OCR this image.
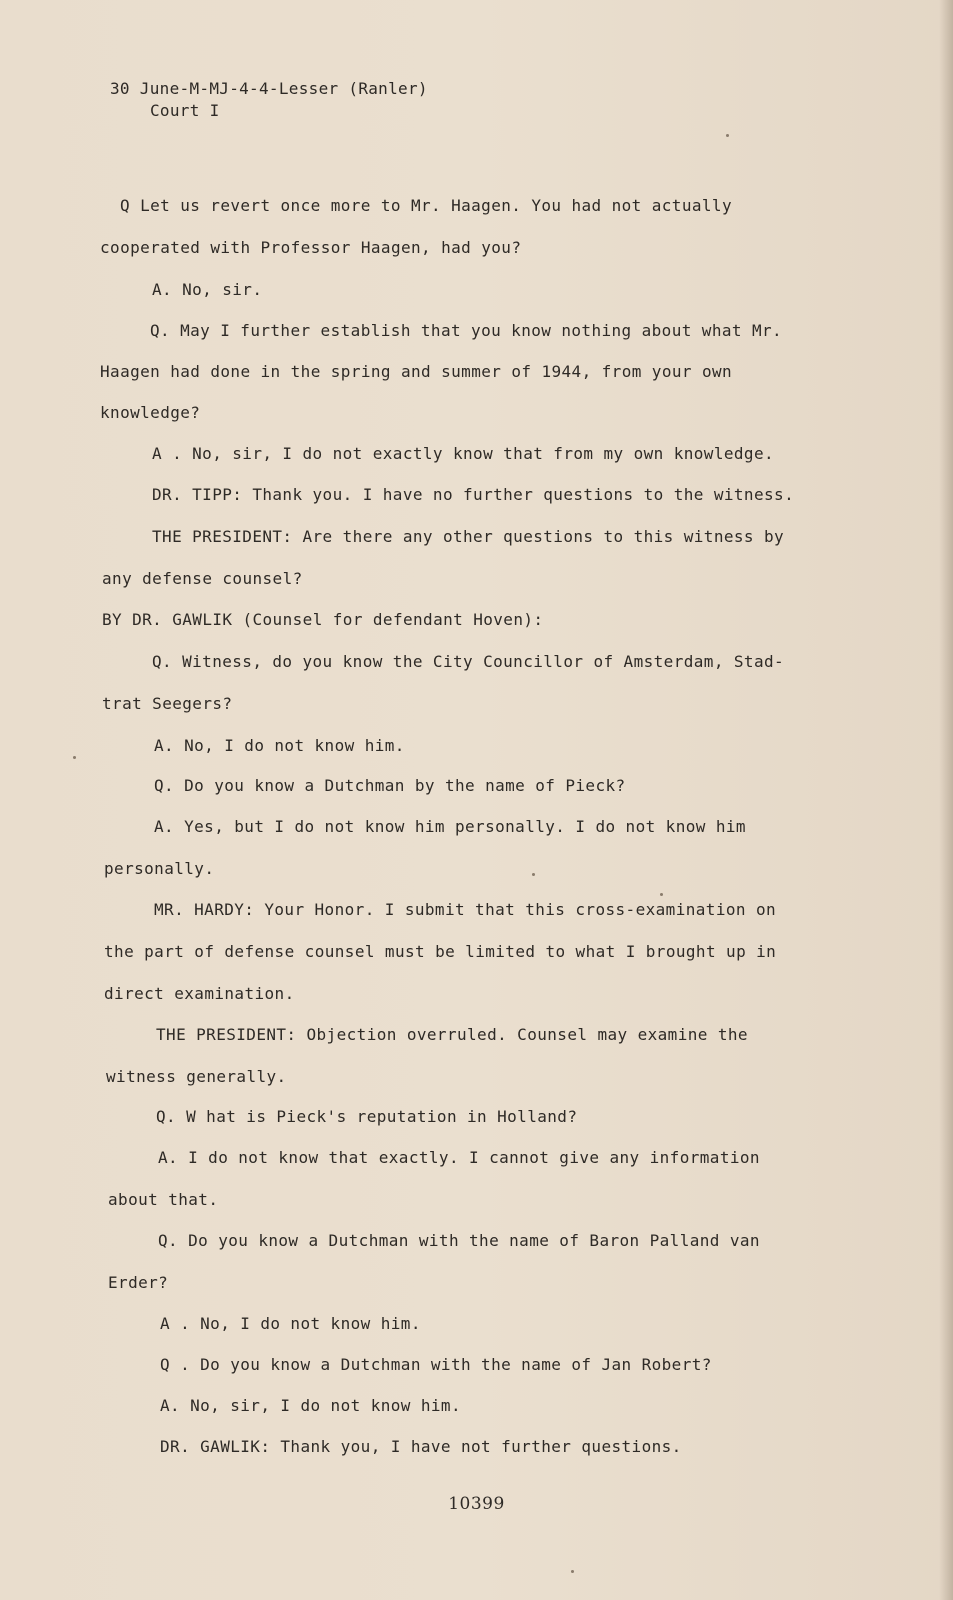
30 June-M-MJ-4-4-Lesser (Ranler)
Court I
Q Let us revert once more to Mr. Haagen. You had not actually
cooperated with Professor Haagen, had you?
A. No, sir.
Q. May I further establish that you know nothing about what Mr.
Haagen had done in the spring and summer of 1944, from your own
knowledge?
A . No, sir, I do not exactly know that from my own knowledge.
DR. TIPP: Thank you. I have no further questions to the witness.
THE PRESIDENT: Are there any other questions to this witness by
any defense counsel?
BY DR. GAWLIK (Counsel for defendant Hoven):
Q. Witness, do you know the City Councillor of Amsterdam, Stad-
trat Seegers?
A. No, I do not know him.
Q. Do you know a Dutchman by the name of Pieck?
A. Yes, but I do not know him personally. I do not know him
personally.
MR. HARDY: Your Honor. I submit that this cross-examination on
the part of defense counsel must be limited to what I brought up in
direct examination.
THE PRESIDENT: Objection overruled. Counsel may examine the
witness generally.
Q. W hat is Pieck's reputation in Holland?
A. I do not know that exactly. I cannot give any information
about that.
Q. Do you know a Dutchman with the name of Baron Palland van
Erder?
A . No, I do not know him.
Q . Do you know a Dutchman with the name of Jan Robert?
A. No, sir, I do not know him.
DR. GAWLIK: Thank you, I have not further questions.
10399
